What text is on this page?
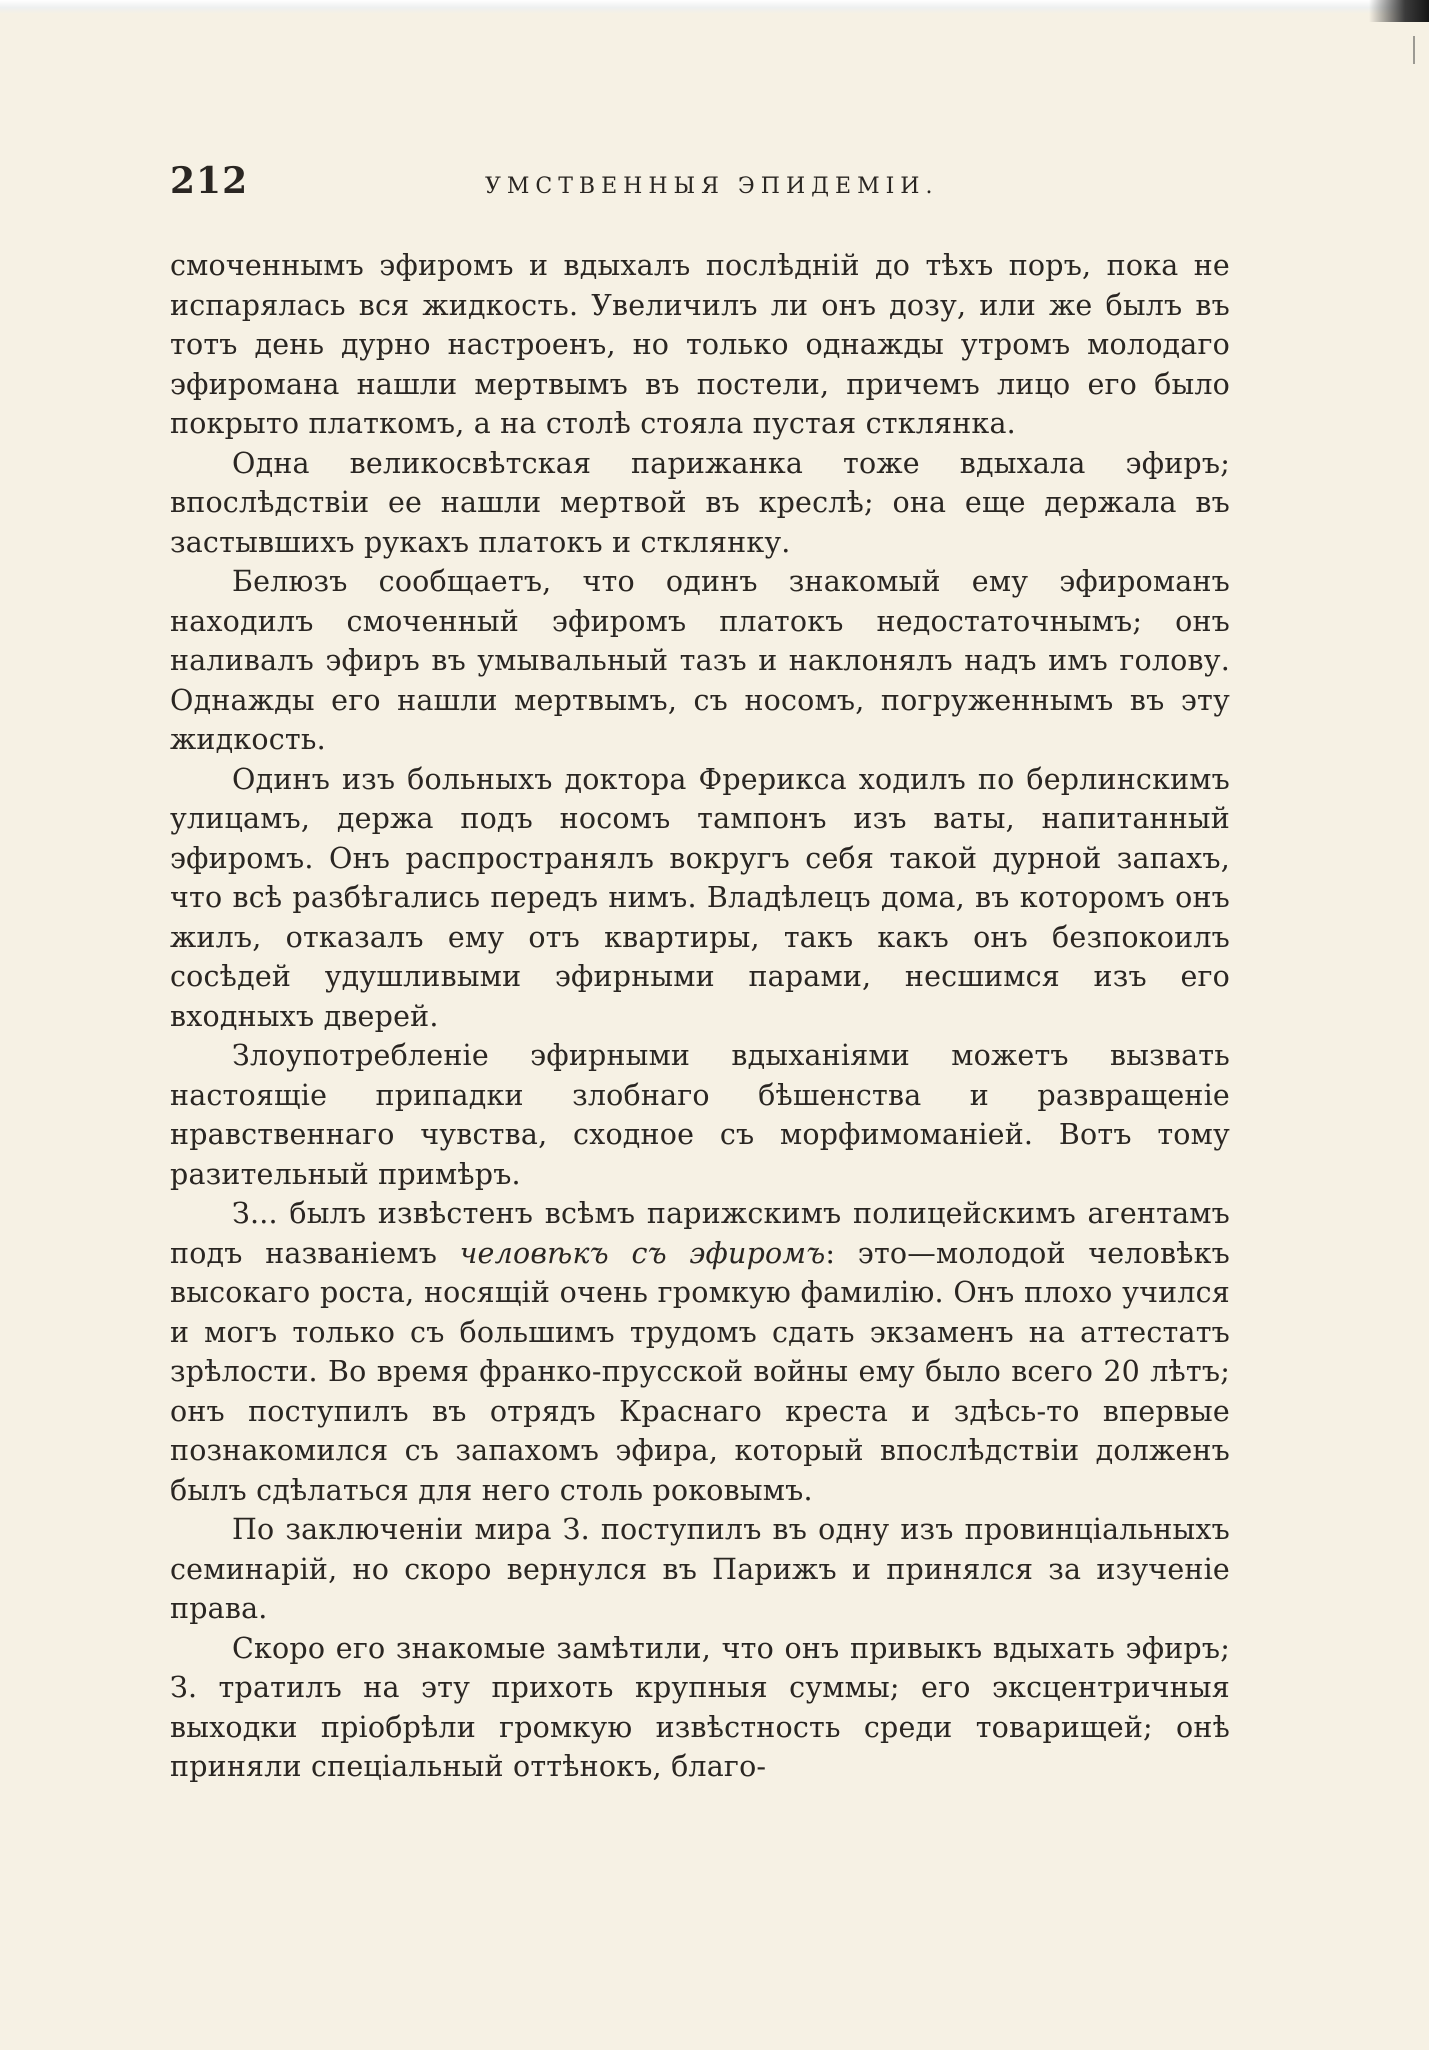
212	УМСТВЕННЫЯ ЭПИДЕМІИ.

смоченнымъ эфиромъ и вдыхалъ послѣдній до тѣхъ поръ, пока не испарялась вся жидкость. Увеличилъ ли онъ дозу, или же былъ въ тотъ день дурно настроенъ, но только однажды утромъ молодаго эфиромана нашли мертвымъ въ постели, причемъ лицо его было покрыто платкомъ, а на столѣ стояла пустая стклянка.

Одна великосвѣтская парижанка тоже вдыхала эфиръ; впослѣдствіи ее нашли мертвой въ креслѣ; она еще держала въ застывшихъ рукахъ платокъ и стклянку.

Белюзъ сообщаетъ, что одинъ знакомый ему эфироманъ находилъ смоченный эфиромъ платокъ недостаточнымъ; онъ наливалъ эфиръ въ умывальный тазъ и наклонялъ надъ имъ голову. Однажды его нашли мертвымъ, съ носомъ, погруженнымъ въ эту жидкость.

Одинъ изъ больныхъ доктора Фрерикса ходилъ по берлинскимъ улицамъ, держа подъ носомъ тампонъ изъ ваты, напитанный эфиромъ. Онъ распространялъ вокругъ себя такой дурной запахъ, что всѣ разбѣгались передъ нимъ. Владѣлецъ дома, въ которомъ онъ жилъ, отказалъ ему отъ квартиры, такъ какъ онъ безпокоилъ сосѣдей удушливыми эфирными парами, несшимся изъ его входныхъ дверей.

Злоупотребленіе эфирными вдыханіями можетъ вызвать настоящіе припадки злобнаго бѣшенства и развращеніе нравственнаго чувства, сходное съ морфимоманіей. Вотъ тому разительный примѣръ.

З... былъ извѣстенъ всѣмъ парижскимъ полицейскимъ агентамъ подъ названіемъ человѣкъ съ эфиромъ: это—молодой человѣкъ высокаго роста, носящій очень громкую фамилію. Онъ плохо учился и могъ только съ большимъ трудомъ сдать экзаменъ на аттестатъ зрѣлости. Во время франко-прусской войны ему было всего 20 лѣтъ; онъ поступилъ въ отрядъ Краснаго креста и здѣсь-то впервые познакомился съ запахомъ эфира, который впослѣдствіи долженъ былъ сдѣлаться для него столь роковымъ.

По заключеніи мира З. поступилъ въ одну изъ провинціальныхъ семинарій, но скоро вернулся въ Парижъ и принялся за изученіе права.

Скоро его знакомые замѣтили, что онъ привыкъ вдыхать эфиръ; З. тратилъ на эту прихоть крупныя суммы; его эксцентричныя выходки пріобрѣли громкую извѣстность среди товарищей; онѣ приняли спеціальный оттѣнокъ, благо-
